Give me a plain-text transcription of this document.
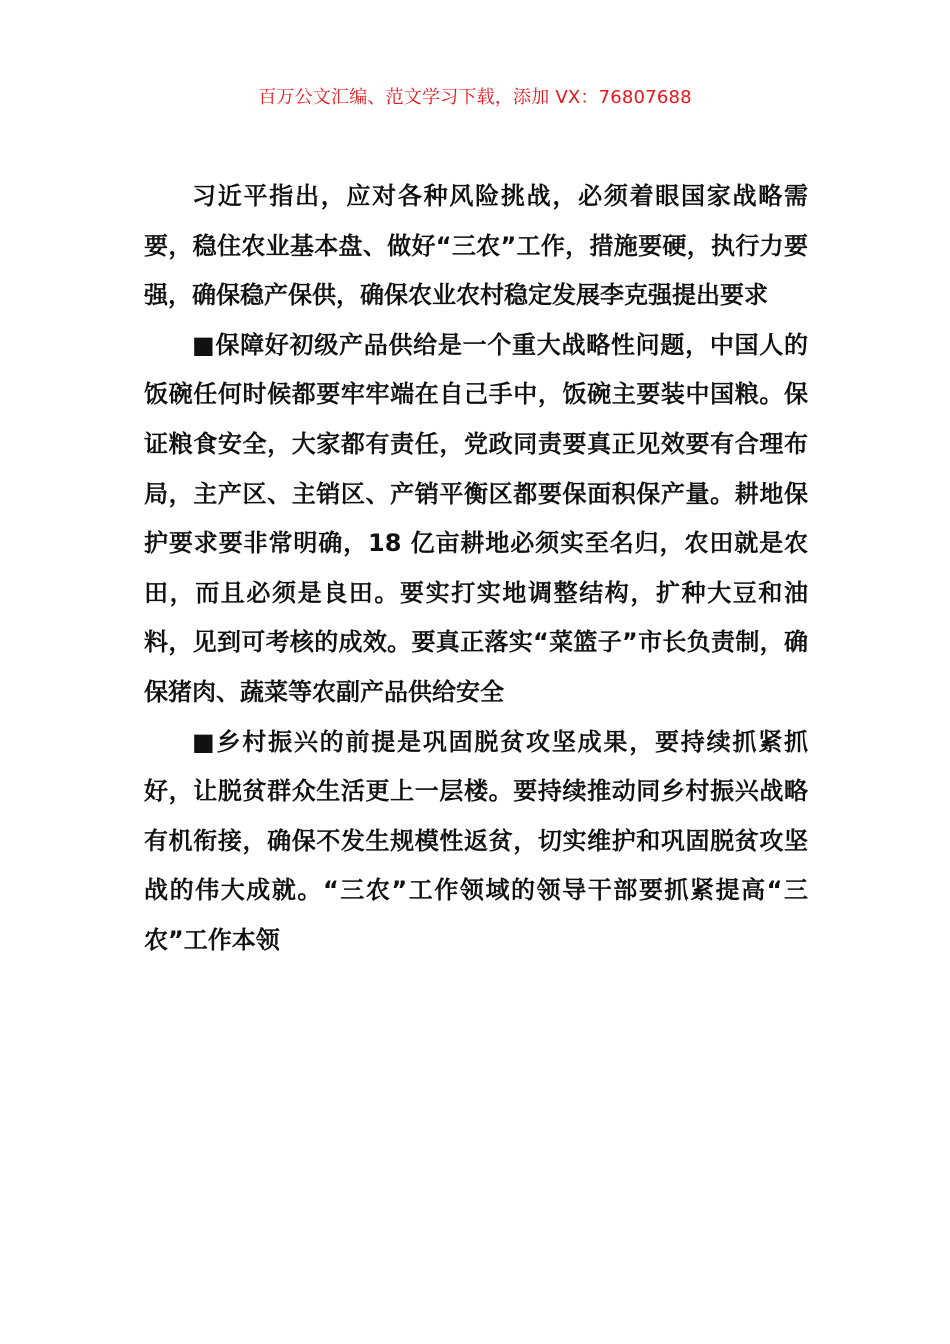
百万公文汇编、范文学习下载，添加 VX：76807688

习近平指出，应对各种风险挑战，必须着眼国家战略需要，稳住农业基本盘、做好“三农”工作，措施要硬，执行力要强，确保稳产保供，确保农业农村稳定发展李克强提出要求

■保障好初级产品供给是一个重大战略性问题，中国人的饭碗任何时候都要牢牢端在自己手中，饭碗主要装中国粮。保证粮食安全，大家都有责任，党政同责要真正见效要有合理布局，主产区、主销区、产销平衡区都要保面积保产量。耕地保护要求要非常明确，18 亿亩耕地必须实至名归，农田就是农田，而且必须是良田。要实打实地调整结构，扩种大豆和油料，见到可考核的成效。要真正落实“菜篮子”市长负责制，确保猪肉、蔬菜等农副产品供给安全

■乡村振兴的前提是巩固脱贫攻坚成果，要持续抓紧抓好，让脱贫群众生活更上一层楼。要持续推动同乡村振兴战略有机衔接，确保不发生规模性返贫，切实维护和巩固脱贫攻坚战的伟大成就。“三农”工作领域的领导干部要抓紧提高“三农”工作本领
